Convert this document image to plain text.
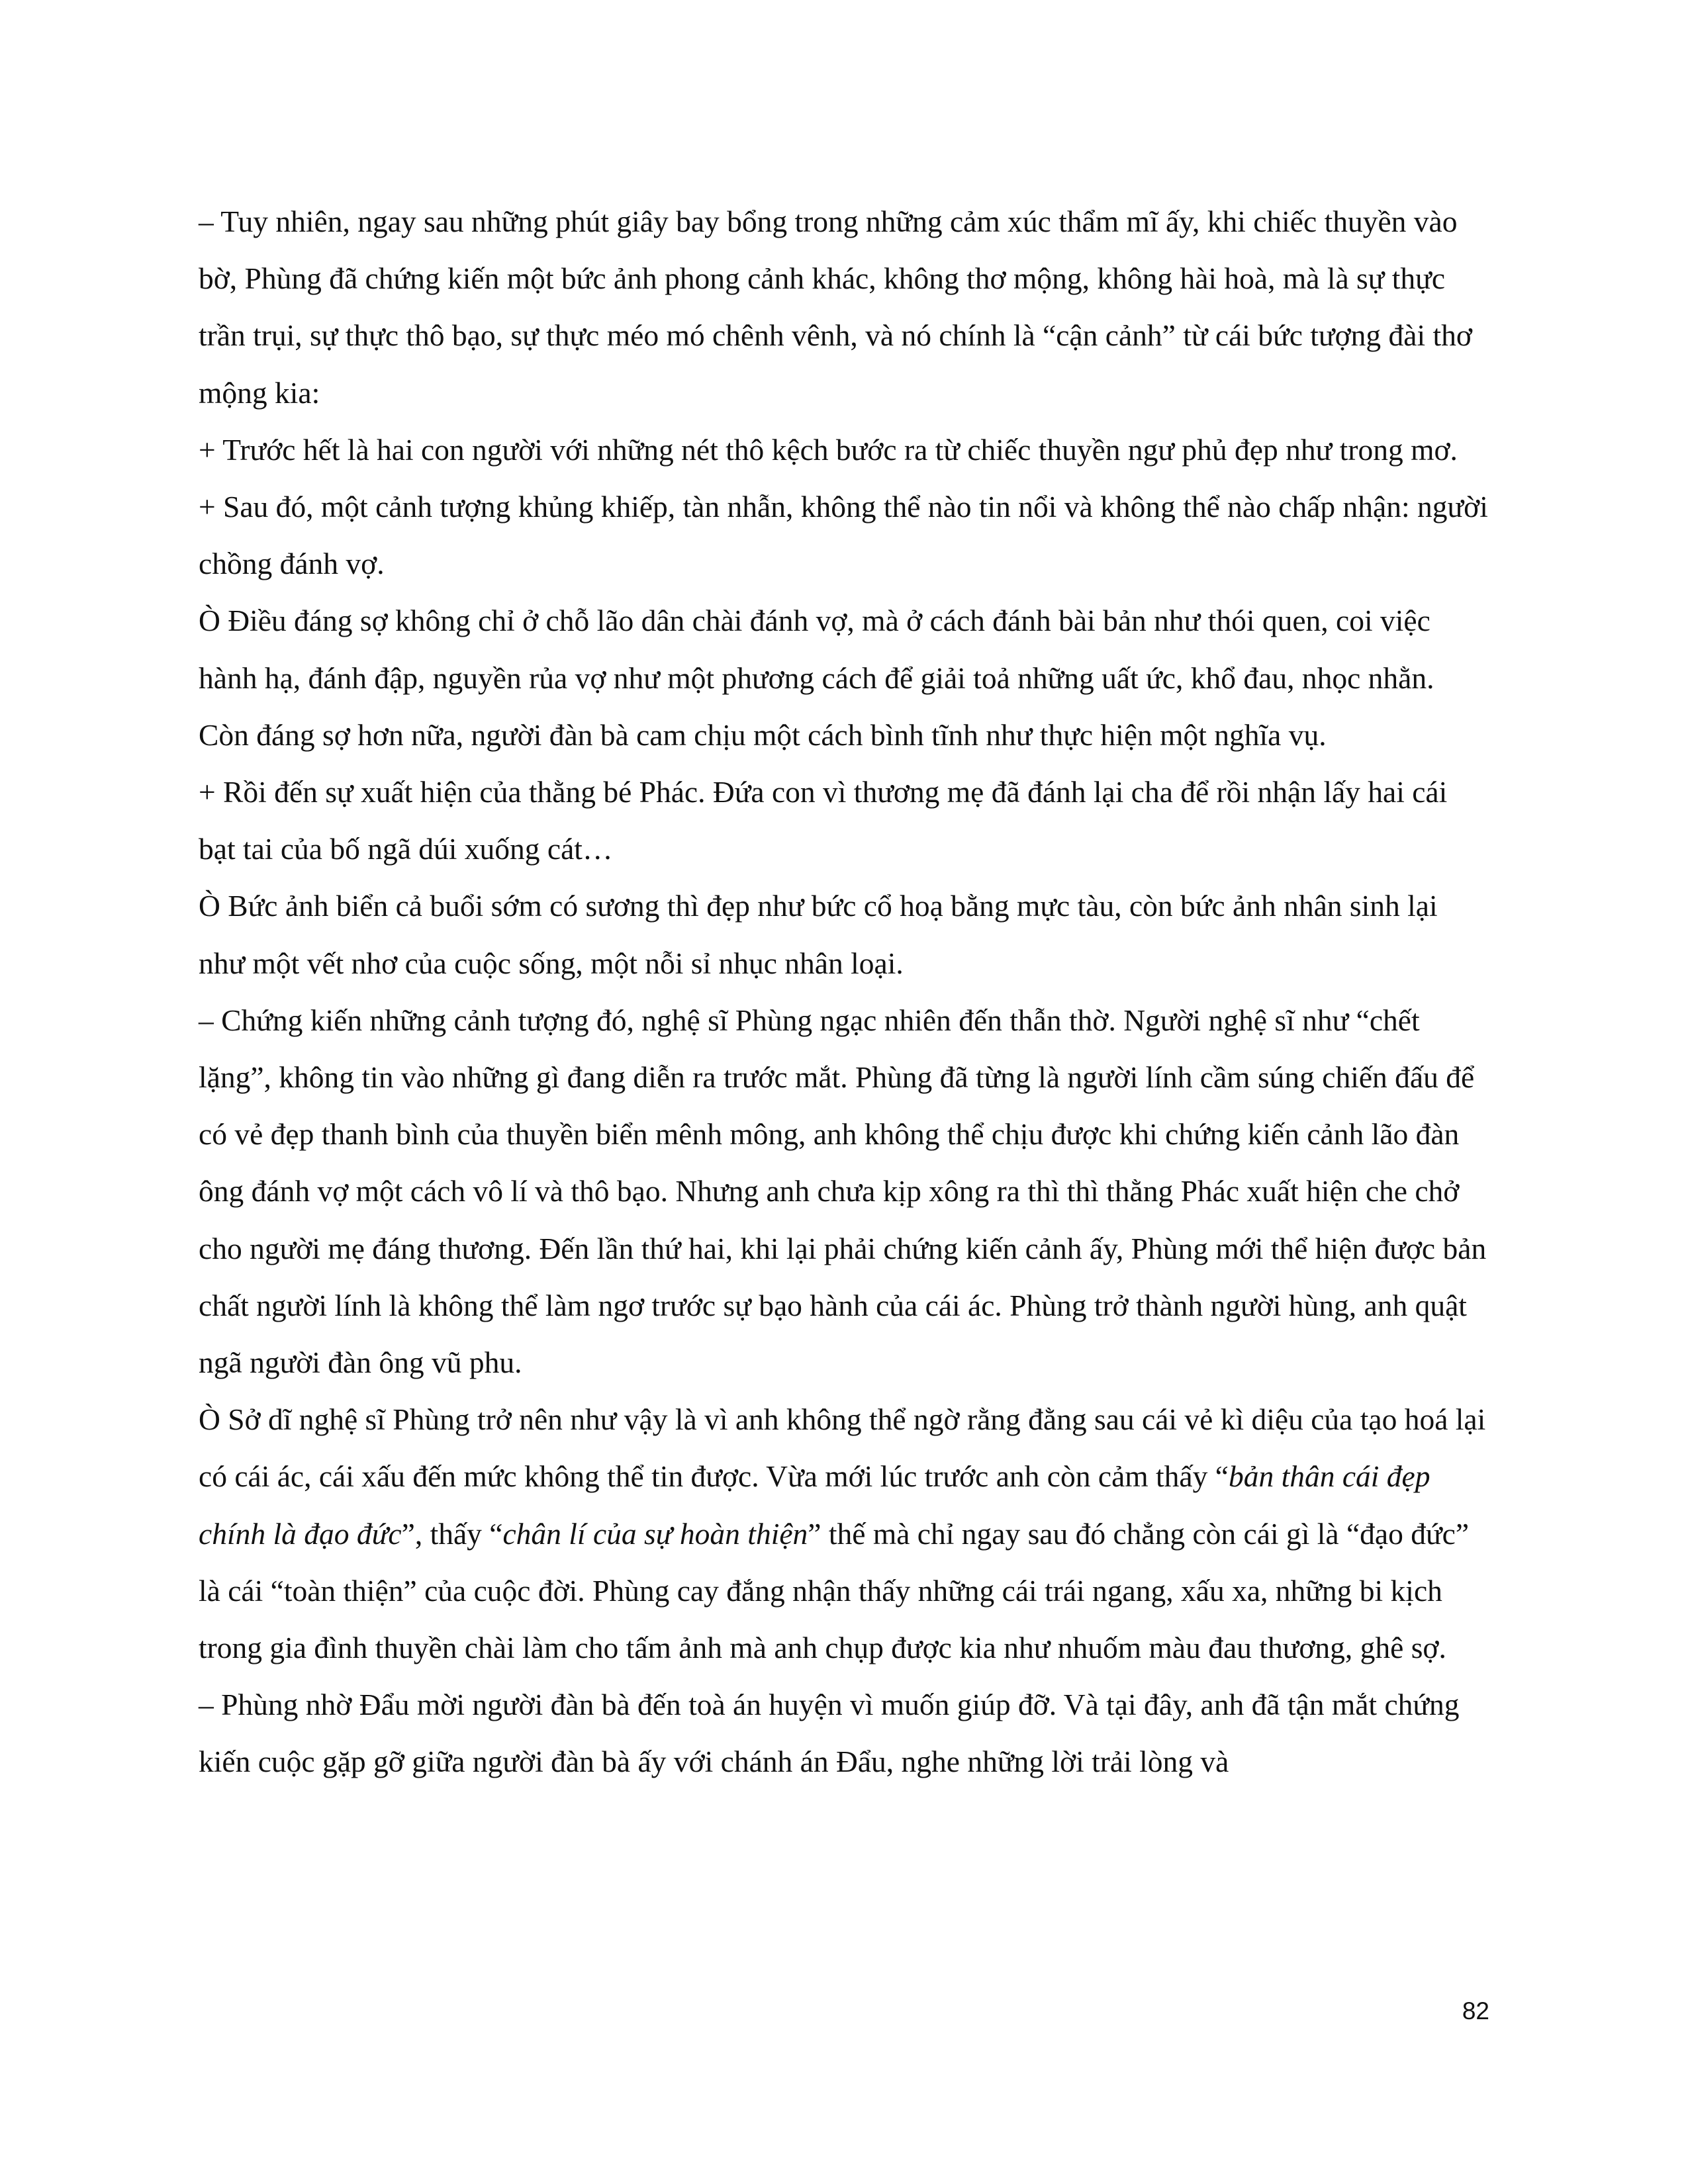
– Tuy nhiên, ngay sau những phút giây bay bổng trong những cảm xúc thẩm mĩ ấy, khi chiếc thuyền vào bờ, Phùng đã chứng kiến một bức ảnh phong cảnh khác, không thơ mộng, không hài hoà, mà là sự thực trần trụi, sự thực thô bạo, sự thực méo mó chênh vênh, và nó chính là “cận cảnh” từ cái bức tượng đài thơ mộng kia:

+ Trước hết là hai con người với những nét thô kệch bước ra từ chiếc thuyền ngư phủ đẹp như trong mơ.

+ Sau đó, một cảnh tượng khủng khiếp, tàn nhẫn, không thể nào tin nổi và không thể nào chấp nhận: người chồng đánh vợ.

Ò Điều đáng sợ không chỉ ở chỗ lão dân chài đánh vợ, mà ở cách đánh bài bản như thói quen, coi việc hành hạ, đánh đập, nguyền rủa vợ như một phương cách để giải toả những uất ức, khổ đau, nhọc nhằn. Còn đáng sợ hơn nữa, người đàn bà cam chịu một cách bình tĩnh như thực hiện một nghĩa vụ.

+ Rồi đến sự xuất hiện của thằng bé Phác. Đứa con vì thương mẹ đã đánh lại cha để rồi nhận lấy hai cái bạt tai của bố ngã dúi xuống cát…

Ò Bức ảnh biển cả buổi sớm có sương thì đẹp như bức cổ hoạ bằng mực tàu, còn bức ảnh nhân sinh lại như một vết nhơ của cuộc sống, một nỗi sỉ nhục nhân loại.

– Chứng kiến những cảnh tượng đó, nghệ sĩ Phùng ngạc nhiên đến thẫn thờ. Người nghệ sĩ như “chết lặng”, không tin vào những gì đang diễn ra trước mắt. Phùng đã từng là người lính cầm súng chiến đấu để có vẻ đẹp thanh bình của thuyền biển mênh mông, anh không thể chịu được khi chứng kiến cảnh lão đàn ông đánh vợ một cách vô lí và thô bạo. Nhưng anh chưa kịp xông ra thì thì thằng Phác xuất hiện che chở cho người mẹ đáng thương. Đến lần thứ hai, khi lại phải chứng kiến cảnh ấy, Phùng mới thể hiện được bản chất người lính là không thể làm ngơ trước sự bạo hành của cái ác. Phùng trở thành người hùng, anh quật ngã người đàn ông vũ phu.

Ò Sở dĩ nghệ sĩ Phùng trở nên như vậy là vì anh không thể ngờ rằng đằng sau cái vẻ kì diệu của tạo hoá lại có cái ác, cái xấu đến mức không thể tin được. Vừa mới lúc trước anh còn cảm thấy “bản thân cái đẹp chính là đạo đức”, thấy “chân lí của sự hoàn thiện” thế mà chỉ ngay sau đó chẳng còn cái gì là “đạo đức” là cái “toàn thiện” của cuộc đời. Phùng cay đắng nhận thấy những cái trái ngang, xấu xa, những bi kịch trong gia đình thuyền chài làm cho tấm ảnh mà anh chụp được kia như nhuốm màu đau thương, ghê sợ.

– Phùng nhờ Đẩu mời người đàn bà đến toà án huyện vì muốn giúp đỡ. Và tại đây, anh đã tận mắt chứng kiến cuộc gặp gỡ giữa người đàn bà ấy với chánh án Đẩu, nghe những lời trải lòng và

82
